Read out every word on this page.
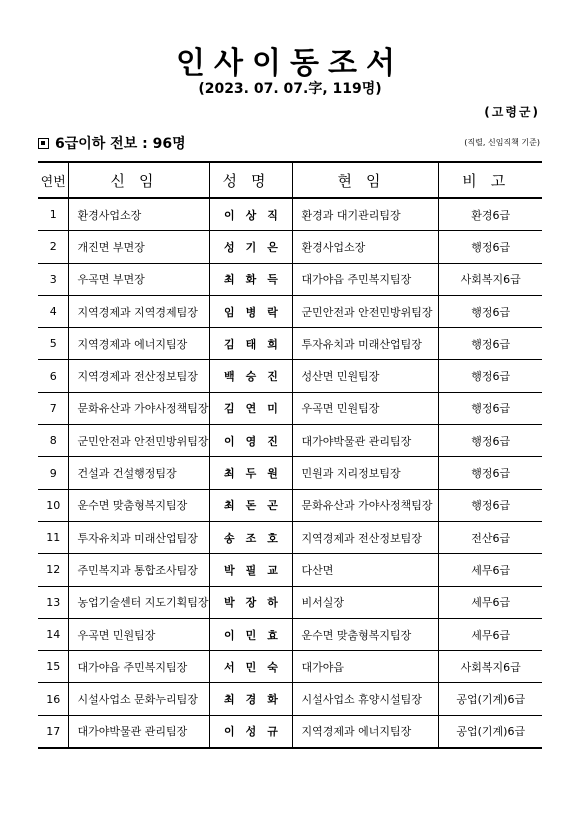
인사이동조서
(2023. 07. 07.字, 119명)
(고령군)
6급이하 전보 : 96명	(직렬, 신임직책 기준)
연번	신임	성명	현임	비고
1	환경사업소장	이상직	환경과 대기관리팀장	환경6급
2	개진면 부면장	성기은	환경사업소장	행정6급
3	우곡면 부면장	최화득	대가야읍 주민복지팀장	사회복지6급
4	지역경제과 지역경제팀장	임병락	군민안전과 안전민방위팀장	행정6급
5	지역경제과 에너지팀장	김태희	투자유치과 미래산업팀장	행정6급
6	지역경제과 전산정보팀장	백승진	성산면 민원팀장	행정6급
7	문화유산과 가야사정책팀장	김연미	우곡면 민원팀장	행정6급
8	군민안전과 안전민방위팀장	이영진	대가야박물관 관리팀장	행정6급
9	건설과 건설행정팀장	최두원	민원과 지리정보팀장	행정6급
10	운수면 맞춤형복지팀장	최돈곤	문화유산과 가야사정책팀장	행정6급
11	투자유치과 미래산업팀장	송조호	지역경제과 전산정보팀장	전산6급
12	주민복지과 통합조사팀장	박필교	다산면	세무6급
13	농업기술센터 지도기획팀장	박장하	비서실장	세무6급
14	우곡면 민원팀장	이민효	운수면 맞춤형복지팀장	세무6급
15	대가야읍 주민복지팀장	서민숙	대가야읍	사회복지6급
16	시설사업소 문화누리팀장	최경화	시설사업소 휴양시설팀장	공업(기계)6급
17	대가야박물관 관리팀장	이성규	지역경제과 에너지팀장	공업(기계)6급
